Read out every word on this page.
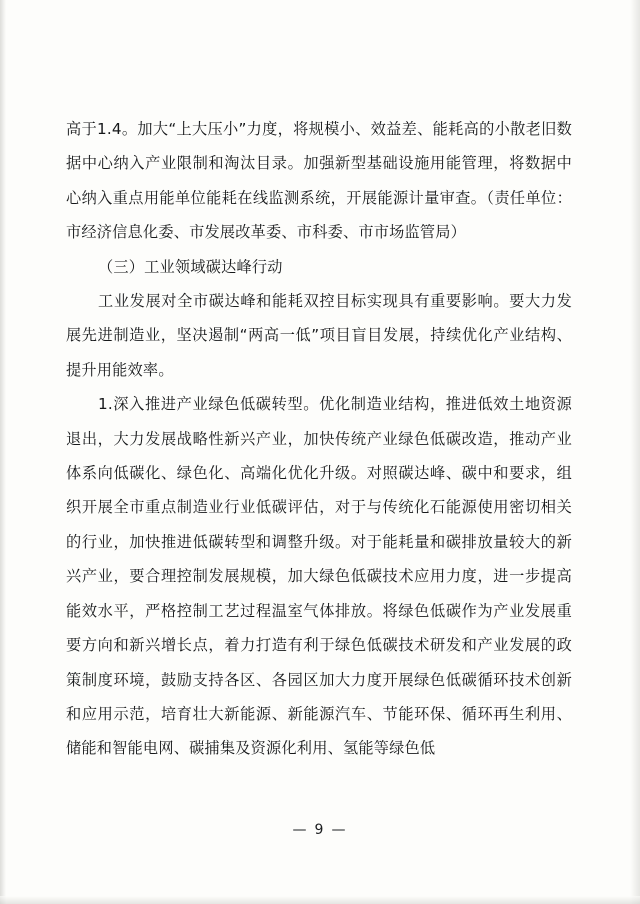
高于1.4。加大“上大压小”力度，将规模小、效益差、能耗高的小散老旧数据中心纳入产业限制和淘汰目录。加强新型基础设施用能管理，将数据中心纳入重点用能单位能耗在线监测系统，开展能源计量审查。（责任单位：市经济信息化委、市发展改革委、市科委、市市场监管局）

（三）工业领域碳达峰行动

工业发展对全市碳达峰和能耗双控目标实现具有重要影响。要大力发展先进制造业，坚决遏制“两高一低”项目盲目发展，持续优化产业结构、提升用能效率。

1.深入推进产业绿色低碳转型。优化制造业结构，推进低效土地资源退出，大力发展战略性新兴产业，加快传统产业绿色低碳改造，推动产业体系向低碳化、绿色化、高端化优化升级。对照碳达峰、碳中和要求，组织开展全市重点制造业行业低碳评估，对于与传统化石能源使用密切相关的行业，加快推进低碳转型和调整升级。对于能耗量和碳排放量较大的新兴产业，要合理控制发展规模，加大绿色低碳技术应用力度，进一步提高能效水平，严格控制工艺过程温室气体排放。将绿色低碳作为产业发展重要方向和新兴增长点，着力打造有利于绿色低碳技术研发和产业发展的政策制度环境，鼓励支持各区、各园区加大力度开展绿色低碳循环技术创新和应用示范，培育壮大新能源、新能源汽车、节能环保、循环再生利用、储能和智能电网、碳捕集及资源化利用、氢能等绿色低

— 9 —
